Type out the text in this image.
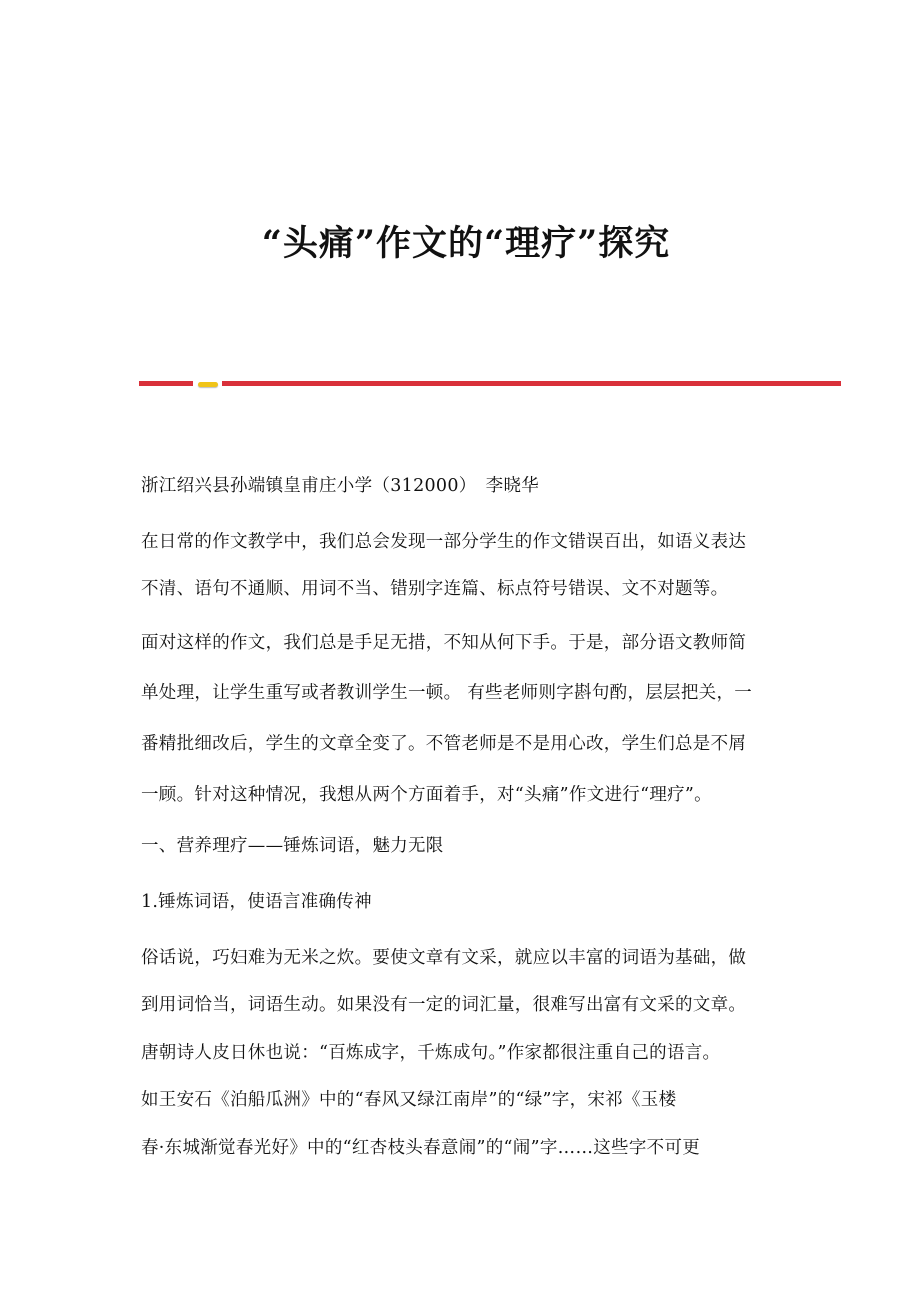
“头痛”作文的“理疗”探究
浙江绍兴县孙端镇皇甫庄小学（312000）　李晓华
在日常的作文教学中，我们总会发现一部分学生的作文错误百出，如语义表达
不清、语句不通顺、用词不当、错别字连篇、标点符号错误、文不对题等。
面对这样的作文，我们总是手足无措，不知从何下手。于是，部分语文教师简
单处理，让学生重写或者教训学生一顿。 有些老师则字斟句酌，层层把关，一
番精批细改后，学生的文章全变了。不管老师是不是用心改，学生们总是不屑
一顾。针对这种情况，我想从两个方面着手，对“头痛”作文进行“理疗”。
一、营养理疗——锤炼词语，魅力无限
1.锤炼词语，使语言准确传神
俗话说，巧妇难为无米之炊。要使文章有文采，就应以丰富的词语为基础，做
到用词恰当，词语生动。如果没有一定的词汇量，很难写出富有文采的文章。
唐朝诗人皮日休也说：“百炼成字，千炼成句。”作家都很注重自己的语言。
如王安石《泊船瓜洲》中的“春风又绿江南岸”的“绿”字，宋祁《玉楼
春·东城渐觉春光好》中的“红杏枝头春意闹”的“闹”字……这些字不可更
